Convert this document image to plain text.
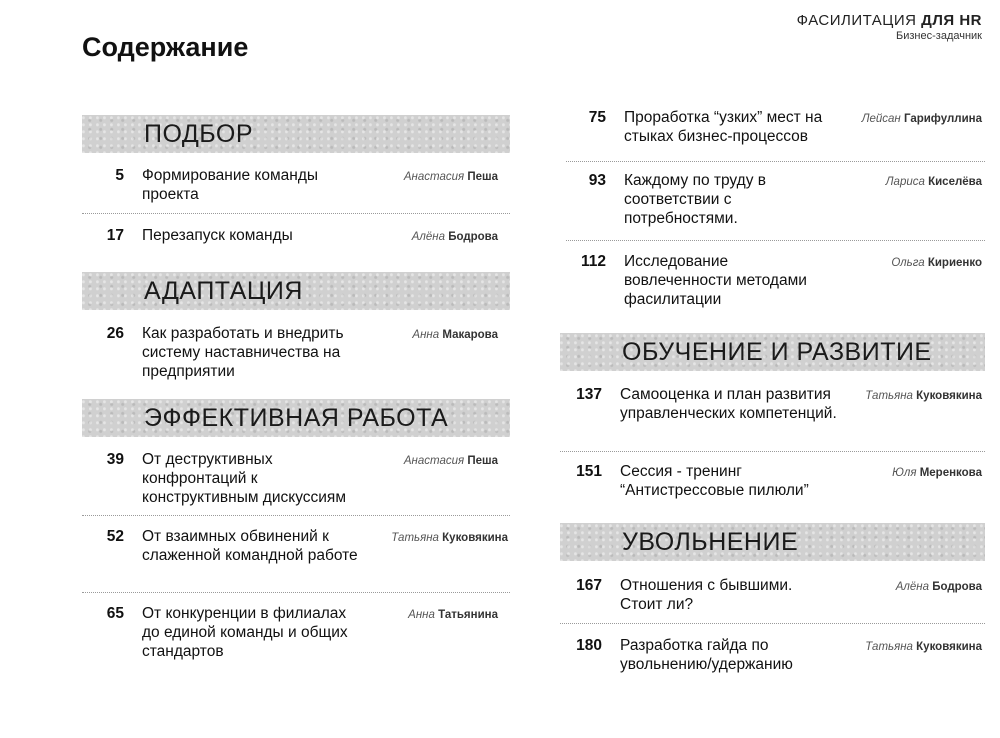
ФАСИЛИТАЦИЯ ДЛЯ HR
Бизнес-задачник
Содержание
ПОДБОР
5 Формирование команды проекта
Анастасия Пеша
17 Перезапуск команды	Алёна Бодрова
АДАПТАЦИЯ
26 Как разработать и внедрить систему наставничества на предприятии
Анна Макарова
ЭФФЕКТИВНАЯ РАБОТА
39 От деструктивных конфронтаций к конструктивным дискуссиям
Анастасия Пеша
52 От взаимных обвинений к слаженной командной работе
Татьяна Куковякина
65 От конкуренции в филиалах до единой команды и общих стандартов
Анна Татьянина
75 Проработка “узких” мест на стыках бизнес-процессов
Лейсан Гарифуллина
93 Каждому по труду в соответствии с потребностями.
Лариса Киселёва
112 Исследование вовлеченности методами фасилитации
Ольга Кириенко
ОБУЧЕНИЕ И РАЗВИТИЕ
137 Самооценка и план развития управленческих компетенций.
Татьяна Куковякина
151 Сессия - тренинг “Антистрессовые пилюли”
Юля Меренкова
УВОЛЬНЕНИЕ
167 Отношения с бывшими. Стоит ли?
Алёна Бодрова
180 Разработка гайда по увольнению/удержанию
Татьяна Куковякина
